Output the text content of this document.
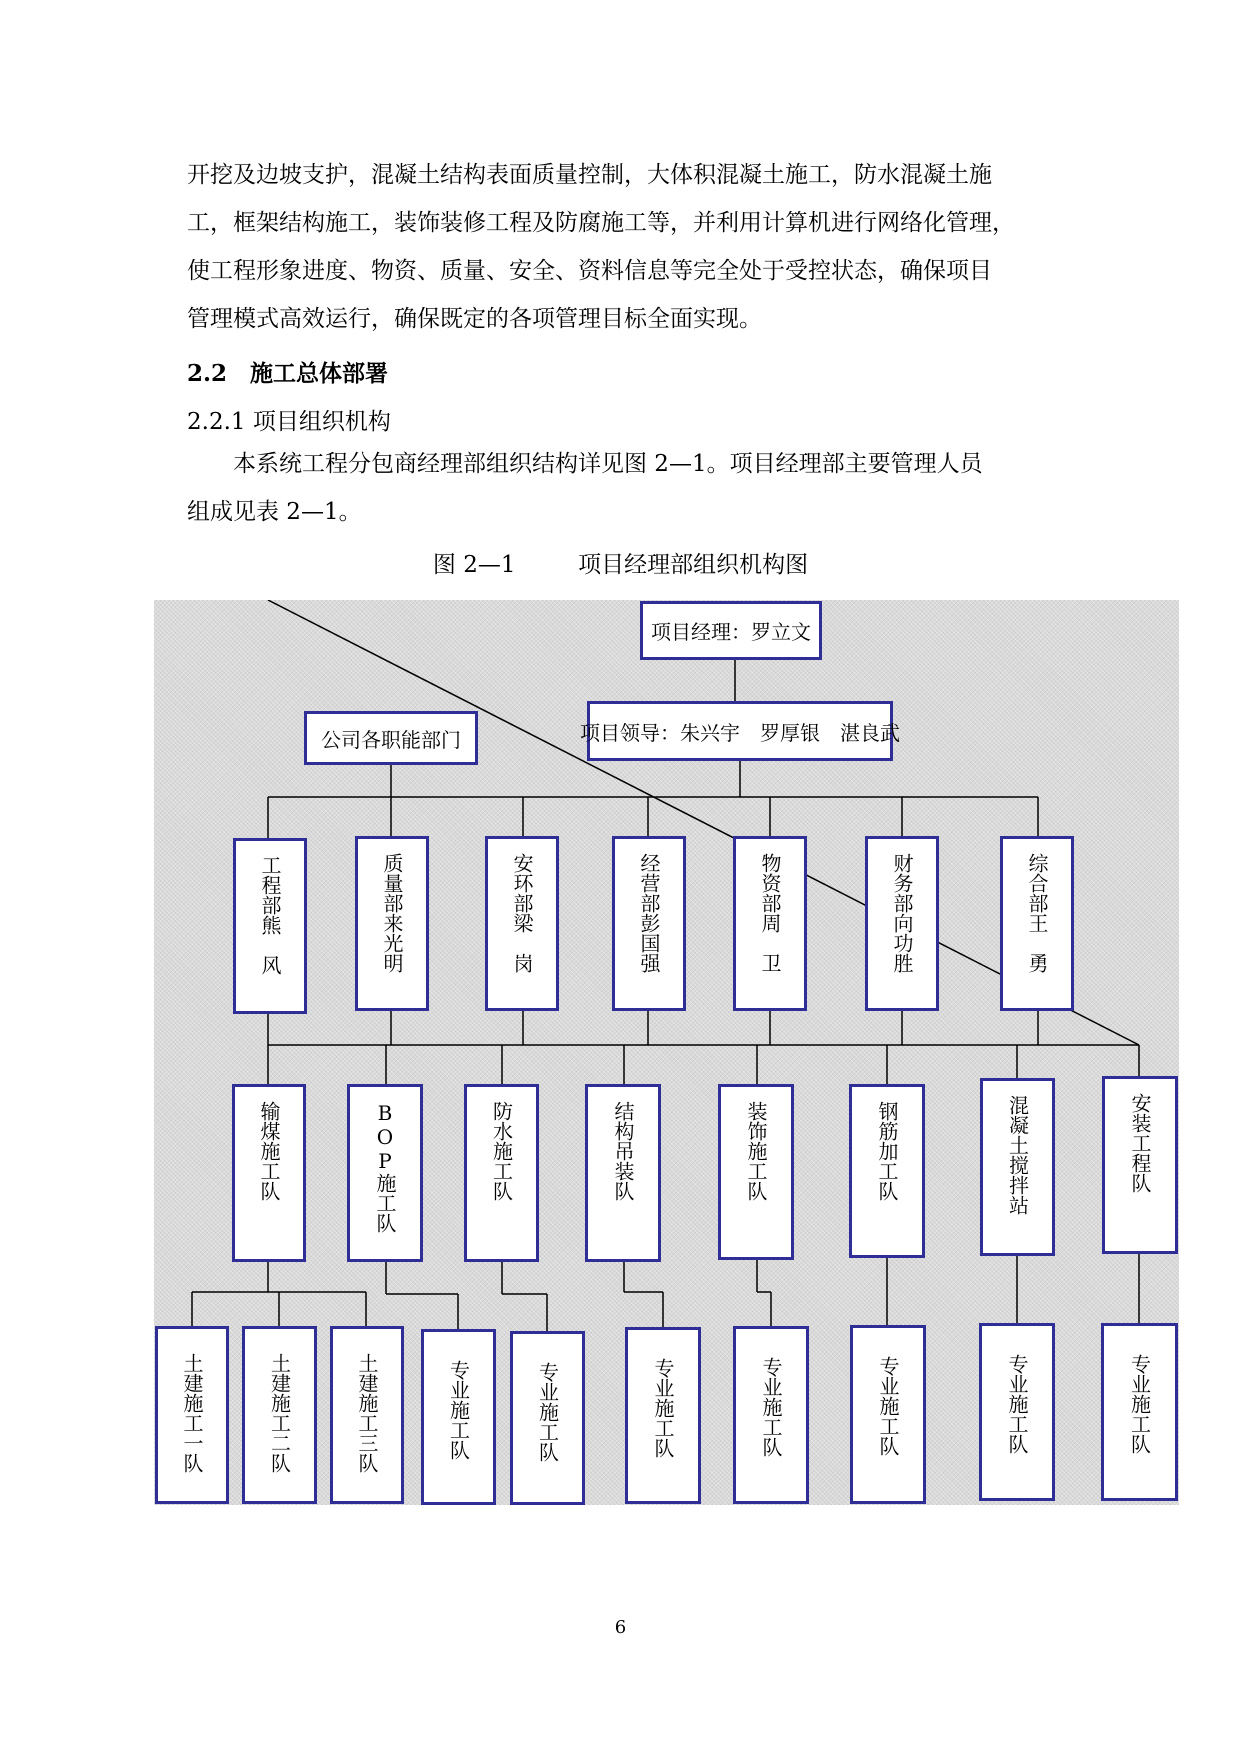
开挖及边坡支护，混凝土结构表面质量控制，大体积混凝土施工，防水混凝土施
工，框架结构施工，装饰装修工程及防腐施工等，并利用计算机进行网络化管理，
使工程形象进度、物资、质量、安全、资料信息等完全处于受控状态，确保项目
管理模式高效运行，确保既定的各项管理目标全面实现。
2.2　施工总体部署
2.2.1 项目组织机构
本系统工程分包商经理部组织结构详见图 2—1。项目经理部主要管理人员
组成见表 2—1。
图 2—1	项目经理部组织机构图
项目经理：罗立文
项目领导：朱兴宇　罗厚银　湛良武
公司各职能部门
工程部熊　风	质量部来光明	安环部梁　岗	经营部彭国强	物资部周　卫	财务部向功胜	综合部王　勇
输煤施工队	BOP施工队	防水施工队	结构吊装队	装饰施工队	钢筋加工队	混凝土搅拌站	安装工程队
土建施工一队	土建施工二队	土建施工三队	专业施工队	专业施工队	专业施工队	专业施工队	专业施工队	专业施工队	专业施工队
6
